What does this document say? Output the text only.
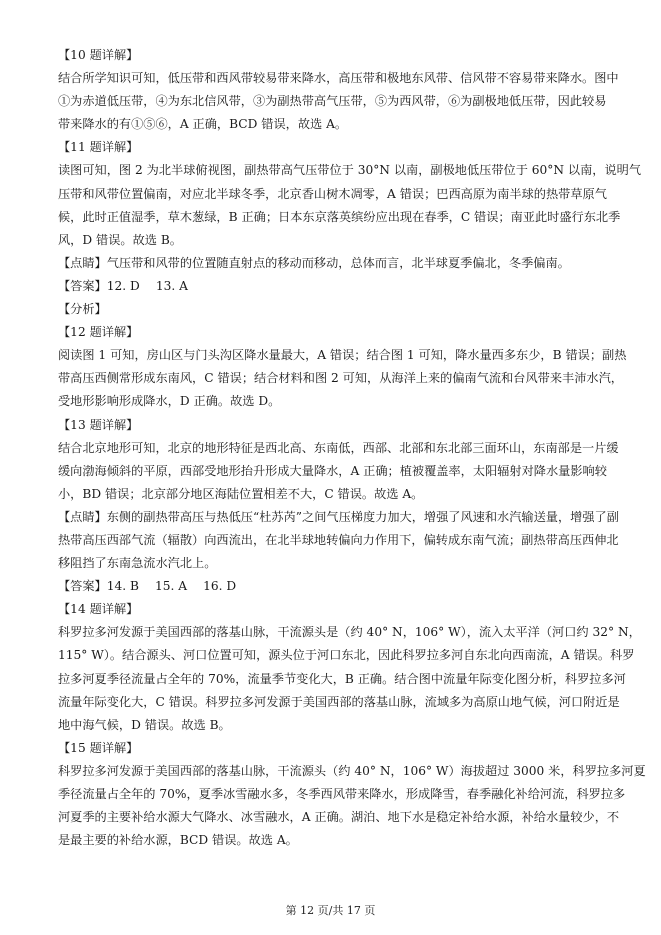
【10 题详解】
结合所学知识可知，低压带和西风带较易带来降水，高压带和极地东风带、信风带不容易带来降水。图中
①为赤道低压带，④为东北信风带，③为副热带高气压带，⑤为西风带，⑥为副极地低压带，因此较易
带来降水的有①⑤⑥，A 正确，BCD 错误，故选 A。
【11 题详解】
读图可知，图 2 为北半球俯视图，副热带高气压带位于 30°N 以南，副极地低压带位于 60°N 以南，说明气
压带和风带位置偏南，对应北半球冬季，北京香山树木凋零，A 错误；巴西高原为南半球的热带草原气
候，此时正值湿季，草木葱绿，B 正确；日本东京落英缤纷应出现在春季，C 错误；南亚此时盛行东北季
风，D 错误。故选 B。
【点睛】气压带和风带的位置随直射点的移动而移动，总体而言，北半球夏季偏北，冬季偏南。
【答案】12. D　 13. A
【分析】
【12 题详解】
阅读图 1 可知，房山区与门头沟区降水量最大，A 错误；结合图 1 可知，降水量西多东少，B 错误；副热
带高压西侧常形成东南风，C 错误；结合材料和图 2 可知，从海洋上来的偏南气流和台风带来丰沛水汽，
受地形影响形成降水，D 正确。故选 D。
【13 题详解】
结合北京地形可知，北京的地形特征是西北高、东南低，西部、北部和东北部三面环山，东南部是一片缓
缓向渤海倾斜的平原，西部受地形抬升形成大量降水，A 正确；植被覆盖率，太阳辐射对降水量影响较
小，BD 错误；北京部分地区海陆位置相差不大，C 错误。故选 A。
【点睛】东侧的副热带高压与热低压“杜苏芮”之间气压梯度力加大，增强了风速和水汽输送量，增强了副
热带高压西部气流（辐散）向西流出，在北半球地转偏向力作用下，偏转成东南气流；副热带高压西伸北
移阻挡了东南急流水汽北上。
【答案】14. B　 15. A　 16. D
【14 题详解】
科罗拉多河发源于美国西部的落基山脉，干流源头是（约 40° N，106° W），流入太平洋（河口约 32° N，
115° W）。结合源头、河口位置可知，源头位于河口东北，因此科罗拉多河自东北向西南流，A 错误。科罗
拉多河夏季径流量占全年的 70%，流量季节变化大，B 正确。结合图中流量年际变化图分析，科罗拉多河
流量年际变化大，C 错误。科罗拉多河发源于美国西部的落基山脉，流域多为高原山地气候，河口附近是
地中海气候，D 错误。故选 B。
【15 题详解】
科罗拉多河发源于美国西部的落基山脉，干流源头（约 40° N，106° W）海拔超过 3000 米，科罗拉多河夏
季径流量占全年的 70%，夏季冰雪融水多，冬季西风带来降水，形成降雪，春季融化补给河流，科罗拉多
河夏季的主要补给水源大气降水、冰雪融水，A 正确。湖泊、地下水是稳定补给水源，补给水量较少，不
是最主要的补给水源，BCD 错误。故选 A。
第 12 页/共 17 页
